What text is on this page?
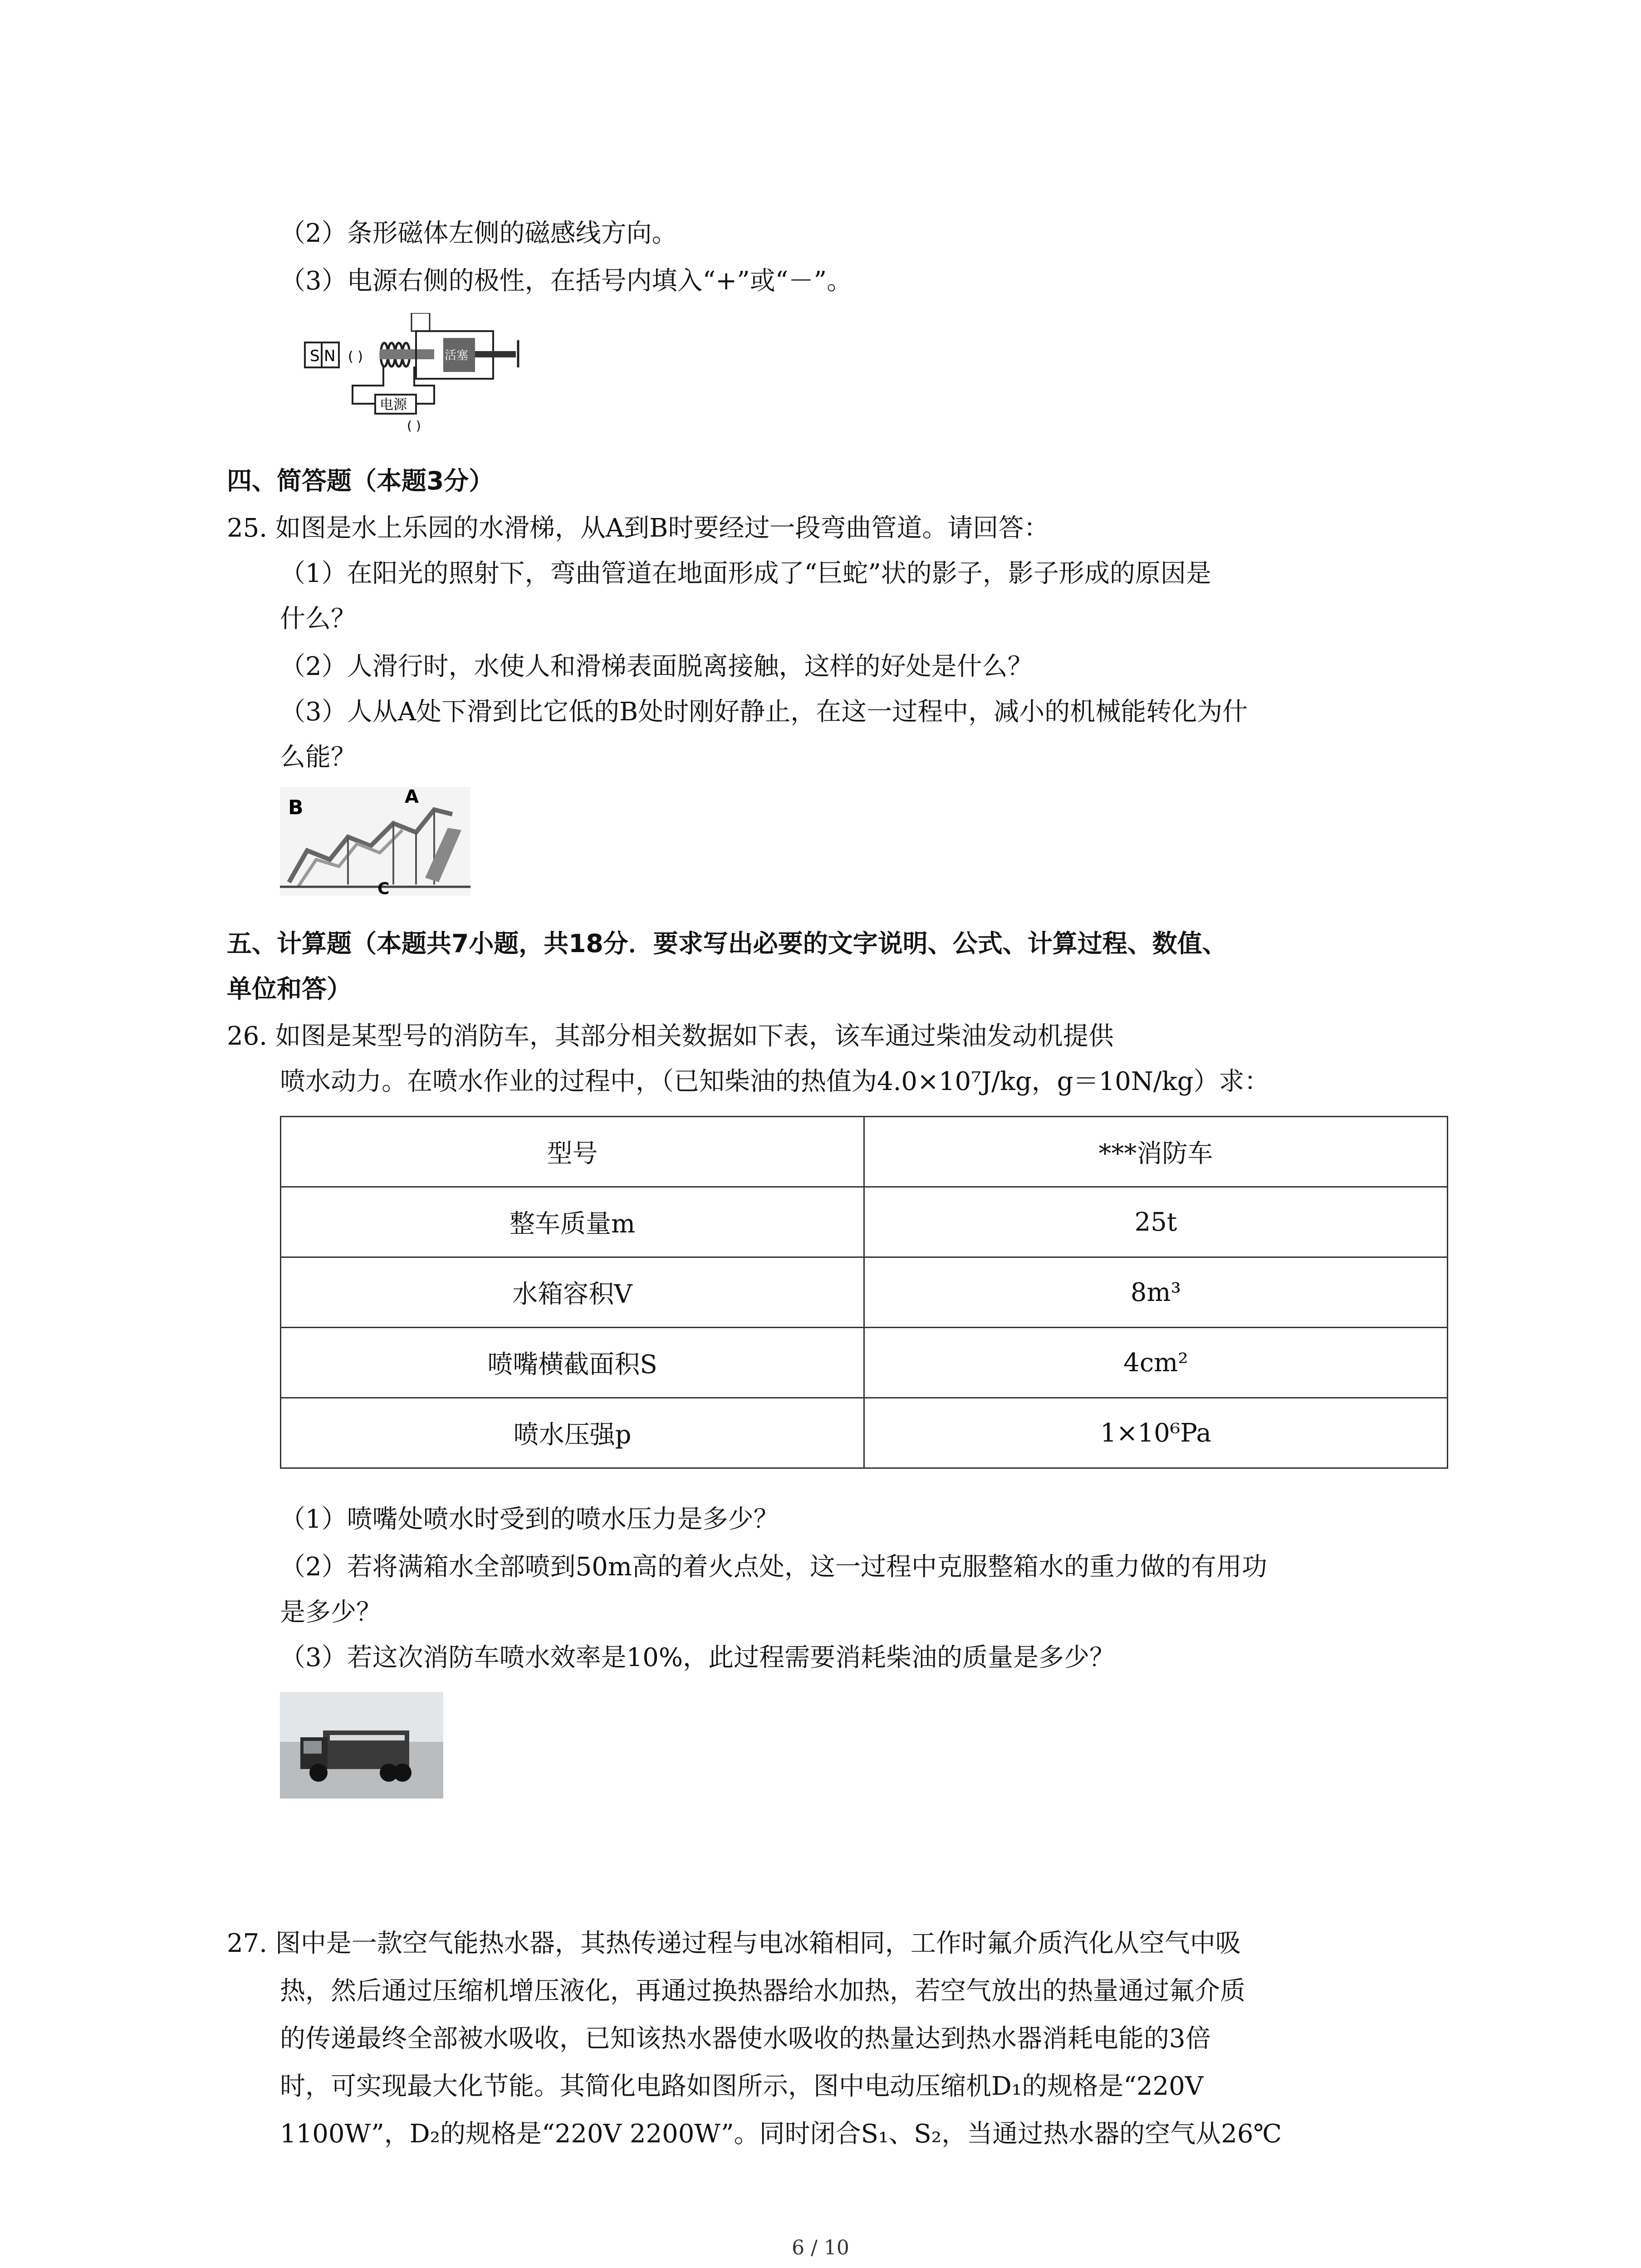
（2）条形磁体左侧的磁感线方向。
（3）电源右侧的极性，在括号内填入“+”或“－”。
S N ( )	活塞
电源
( )
四、简答题（本题3分）
25. 如图是水上乐园的水滑梯，从A到B时要经过一段弯曲管道。请回答：
（1）在阳光的照射下，弯曲管道在地面形成了“巨蛇”状的影子，影子形成的原因是
什么？
（2）人滑行时，水使人和滑梯表面脱离接触，这样的好处是什么？
（3）人从A处下滑到比它低的B处时刚好静止，在这一过程中，减小的机械能转化为什
么能？
B	A
C
五、计算题（本题共7小题，共18分．要求写出必要的文字说明、公式、计算过程、数值、
单位和答）
26. 如图是某型号的消防车，其部分相关数据如下表，该车通过柴油发动机提供
喷水动力。在喷水作业的过程中，（已知柴油的热值为4.0×10⁷J/kg，g＝10N/kg）求：
型号	***消防车
整车质量m	25t
水箱容积V	8m³
喷嘴横截面积S	4cm²
喷水压强p	1×10⁶Pa
（1）喷嘴处喷水时受到的喷水压力是多少？
（2）若将满箱水全部喷到50m高的着火点处，这一过程中克服整箱水的重力做的有用功
是多少？
（3）若这次消防车喷水效率是10%，此过程需要消耗柴油的质量是多少？
27. 图中是一款空气能热水器，其热传递过程与电冰箱相同，工作时氟介质汽化从空气中吸
热，然后通过压缩机增压液化，再通过换热器给水加热，若空气放出的热量通过氟介质
的传递最终全部被水吸收，已知该热水器使水吸收的热量达到热水器消耗电能的3倍
时，可实现最大化节能。其简化电路如图所示，图中电动压缩机D₁的规格是“220V
1100W”，D₂的规格是“220V 2200W”。同时闭合S₁、S₂，当通过热水器的空气从26℃
6 / 10
